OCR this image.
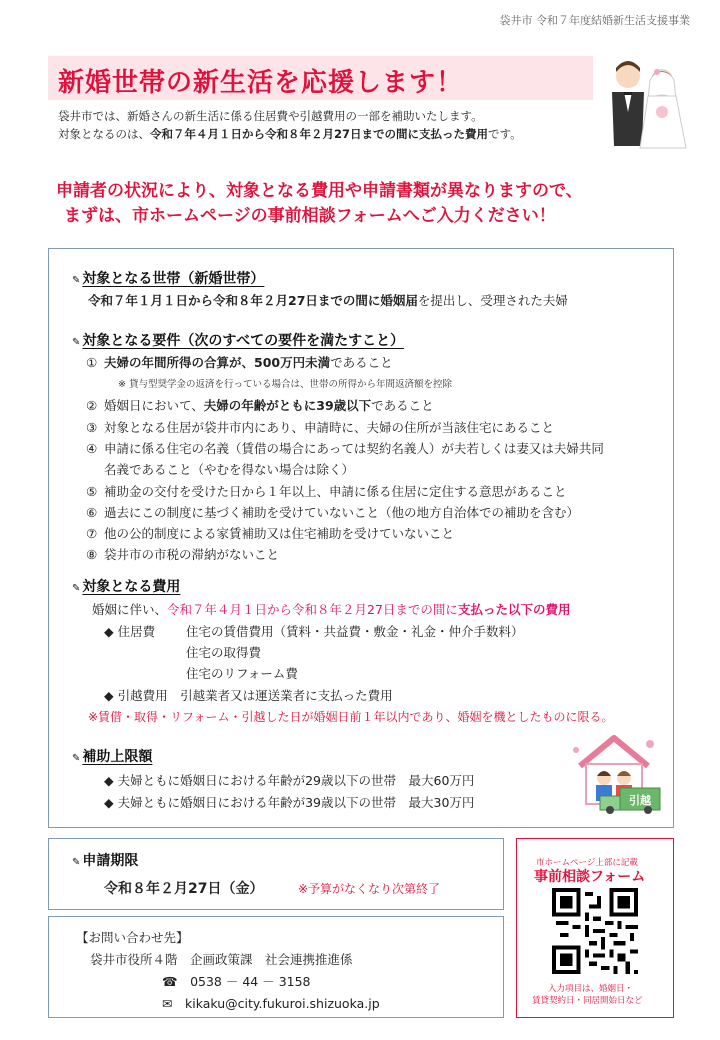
袋井市 令和７年度結婚新生活支援事業
新婚世帯の新生活を応援します！
袋井市では、新婚さんの新生活に係る住居費や引越費用の一部を補助いたします。
対象となるのは、令和７年４月１日から令和８年２月27日までの間に支払った費用です。
申請者の状況により、対象となる費用や申請書類が異なりますので、
まずは、市ホームページの事前相談フォームへご入力ください！
✎ 対象となる世帯（新婚世帯）
令和７年１月１日から令和８年２月27日までの間に婚姻届を提出し、受理された夫婦
✎ 対象となる要件（次のすべての要件を満たすこと）
① 夫婦の年間所得の合算が、500万円未満であること
※ 貸与型奨学金の返済を行っている場合は、世帯の所得から年間返済額を控除
② 婚姻日において、夫婦の年齢がともに39歳以下であること
③ 対象となる住居が袋井市内にあり、申請時に、夫婦の住所が当該住宅にあること
④ 申請に係る住宅の名義（賃借の場合にあっては契約名義人）が夫若しくは妻又は夫婦共同
名義であること（やむを得ない場合は除く）
⑤ 補助金の交付を受けた日から１年以上、申請に係る住居に定住する意思があること
⑥ 過去にこの制度に基づく補助を受けていないこと（他の地方自治体での補助を含む）
⑦ 他の公的制度による家賃補助又は住宅補助を受けていないこと
⑧ 袋井市の市税の滞納がないこと
✎ 対象となる費用
婚姻に伴い、令和７年４月１日から令和８年２月27日までの間に支払った以下の費用
◆ 住居費 住宅の賃借費用（賃料・共益費・敷金・礼金・仲介手数料）
住宅の取得費
住宅のリフォーム費
◆ 引越費用　 引越業者又は運送業者に支払った費用
※賃借・取得・リフォーム・引越した日が婚姻日前１年以内であり、婚姻を機としたものに限る。
✎ 補助上限額
◆ 夫婦ともに婚姻日における年齢が29歳以下の世帯　最大60万円
◆ 夫婦ともに婚姻日における年齢が39歳以下の世帯　最大30万円	引越
✎ 申請期限
令和８年２月27日（金）	※予算がなくなり次第終了
【お問い合わせ先】
袋井市役所４階　企画政策課　社会連携推進係
☎　0538 － 44 － 3158
✉　kikaku@city.fukuroi.shizuoka.jp
市ホームページ上部に記載
事前相談フォーム
入力項目は、婚姻日・
賃貸契約日・同居開始日など
